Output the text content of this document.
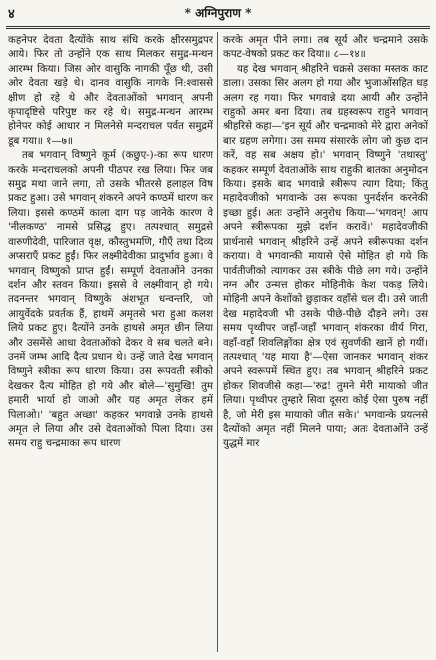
४	* अग्निपुराण *

कहनेपर देवता दैत्योंके साथ संधि करके क्षीरसमुद्रपर आये। फिर तो उन्होंने एक साथ मिलकर समुद्र-मन्थन आरम्भ किया। जिस ओर वासुकि नागकी पूँछ थी, उसी ओर देवता खड़े थे। दानव वासुकि नागके नि:श्वाससे क्षीण हो रहे थे और देवताओंको भगवान् अपनी कृपादृष्टिसे परिपुष्ट कर रहे थे। समुद्र-मन्थन आरम्भ होनेपर कोई आधार न मिलनेसे मन्दराचल पर्वत समुद्रमें डूब गया॥ १—७॥

तब भगवान् विष्णुने कूर्म (कछुए-)-का रूप धारण करके मन्दराचलको अपनी पीठपर रख लिया। फिर जब समुद्र मथा जाने लगा, तो उसके भीतरसे हलाहल विष प्रकट हुआ। उसे भगवान् शंकरने अपने कण्ठमें धारण कर लिया। इससे कण्ठमें काला दाग पड़ जानेके कारण वे 'नीलकण्ठ' नामसे प्रसिद्ध हुए। तत्पश्चात् समुद्रसे वारुणीदेवी, पारिजात वृक्ष, कौस्तुभमणि, गौएँ तथा दिव्य अप्सराएँ प्रकट हुईं। फिर लक्ष्मीदेवीका प्रादुर्भाव हुआ। वे भगवान् विष्णुको प्राप्त हुईं। सम्पूर्ण देवताओंने उनका दर्शन और स्तवन किया। इससे वे लक्ष्मीवान् हो गये। तदनन्तर भगवान् विष्णुके अंशभूत धन्वन्तरि, जो आयुर्वेदके प्रवर्तक हैं, हाथमें अमृतसे भरा हुआ कलश लिये प्रकट हुए। दैत्योंने उनके हाथसे अमृत छीन लिया और उसमेंसे आधा देवताओंको देकर वे सब चलते बने। उनमें जम्भ आदि दैत्य प्रधान थे। उन्हें जाते देख भगवान् विष्णुने स्त्रीका रूप धारण किया। उस रूपवती स्त्रीको देखकर दैत्य मोहित हो गये और बोले—'सुमुखि! तुम हमारी भार्या हो जाओ और यह अमृत लेकर हमें पिलाओ।' 'बहुत अच्छा' कहकर भगवान्ने उनके हाथसे अमृत ले लिया और उसे देवताओंको पिला दिया। उस समय राहु चन्द्रमाका रूप धारण

करके अमृत पीने लगा। तब सूर्य और चन्द्रमाने उसके कपट-वेषको प्रकट कर दिया॥ ८—१४॥

यह देख भगवान् श्रीहरिने चक्रसे उसका मस्तक काट डाला। उसका सिर अलग हो गया और भुजाओंसहित धड़ अलग रह गया। फिर भगवान्ने दया आयी और उन्होंने राहुको अमर बना दिया। तब ग्रहस्वरूप राहुने भगवान् श्रीहरिसे कहा—'इन सूर्य और चन्द्रमाको मेरे द्वारा अनेकों बार ग्रहण लगेगा। उस समय संसारके लोग जो कुछ दान करें, वह सब अक्षय हो।' भगवान् विष्णुने 'तथास्तु' कहकर सम्पूर्ण देवताओंके साथ राहुकी बातका अनुमोदन किया। इसके बाद भगवान्ने स्त्रीरूप त्याग दिया; किंतु महादेवजीको भगवान्के उस रूपका पुनर्दर्शन करनेकी इच्छा हुई। अतः उन्होंने अनुरोध किया—'भगवन्! आप अपने स्त्रीरूपका मुझे दर्शन करावें।' महादेवजीकी प्रार्थनासे भगवान् श्रीहरिने उन्हें अपने स्त्रीरूपका दर्शन कराया। वे भगवान्की मायासे ऐसे मोहित हो गये कि पार्वतीजीको त्यागकर उस स्त्रीके पीछे लग गये। उन्होंने नग्न और उन्मत्त होकर मोहिनीके केश पकड़ लिये। मोहिनी अपने केशोंको छुड़ाकर वहाँसे चल दी। उसे जाती देख महादेवजी भी उसके पीछे-पीछे दौड़ने लगे। उस समय पृथ्वीपर जहाँ-जहाँ भगवान् शंकरका वीर्य गिरा, वहाँ-वहाँ शिवलिङ्गोंका क्षेत्र एवं सुवर्णकी खानें हो गयीं। तत्पश्चात् 'यह माया है'—ऐसा जानकर भगवान् शंकर अपने स्वरूपमें स्थित हुए। तब भगवान् श्रीहरिने प्रकट होकर शिवजीसे कहा—'रुद्र! तुमने मेरी मायाको जीत लिया। पृथ्वीपर तुम्हारे सिवा दूसरा कोई ऐसा पुरुष नहीं है, जो मेरी इस मायाको जीत सके।' भगवान्के प्रयत्नसे दैत्योंको अमृत नहीं मिलने पाया; अतः देवताओंने उन्हें युद्धमें मार
